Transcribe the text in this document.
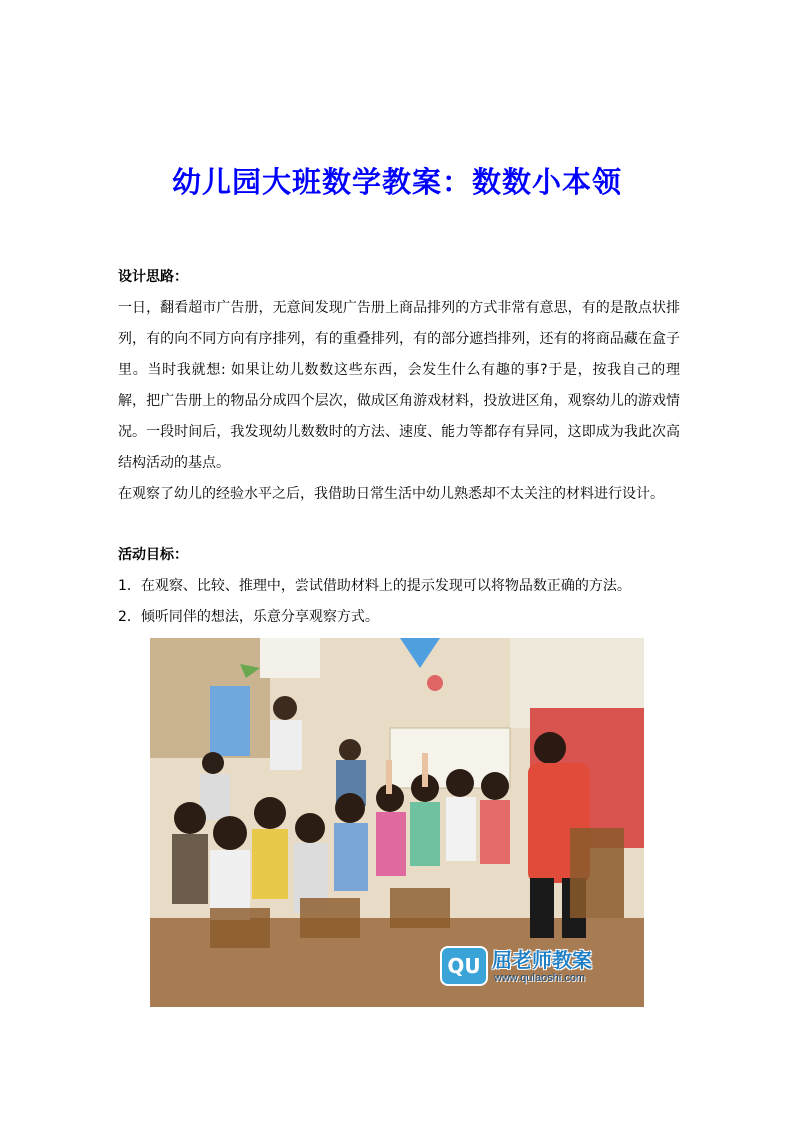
幼儿园大班数学教案：数数小本领

设计思路：

一日，翻看超市广告册，无意间发现广告册上商品排列的方式非常有意思，有的是散点状排列，有的向不同方向有序排列，有的重叠排列，有的部分遮挡排列，还有的将商品藏在盒子里。当时我就想: 如果让幼儿数数这些东西，会发生什么有趣的事?于是，按我自己的理解，把广告册上的物品分成四个层次，做成区角游戏材料，投放进区角，观察幼儿的游戏情况。一段时间后，我发现幼儿数数时的方法、速度、能力等都存有异同，这即成为我此次高结构活动的基点。

在观察了幼儿的经验水平之后，我借助日常生活中幼儿熟悉却不太关注的材料进行设计。

活动目标：

1．在观察、比较、推理中，尝试借助材料上的提示发现可以将物品数正确的方法。

2．倾听同伴的想法，乐意分享观察方式。

QU 屈老师教案
www.qulaoshi.com
